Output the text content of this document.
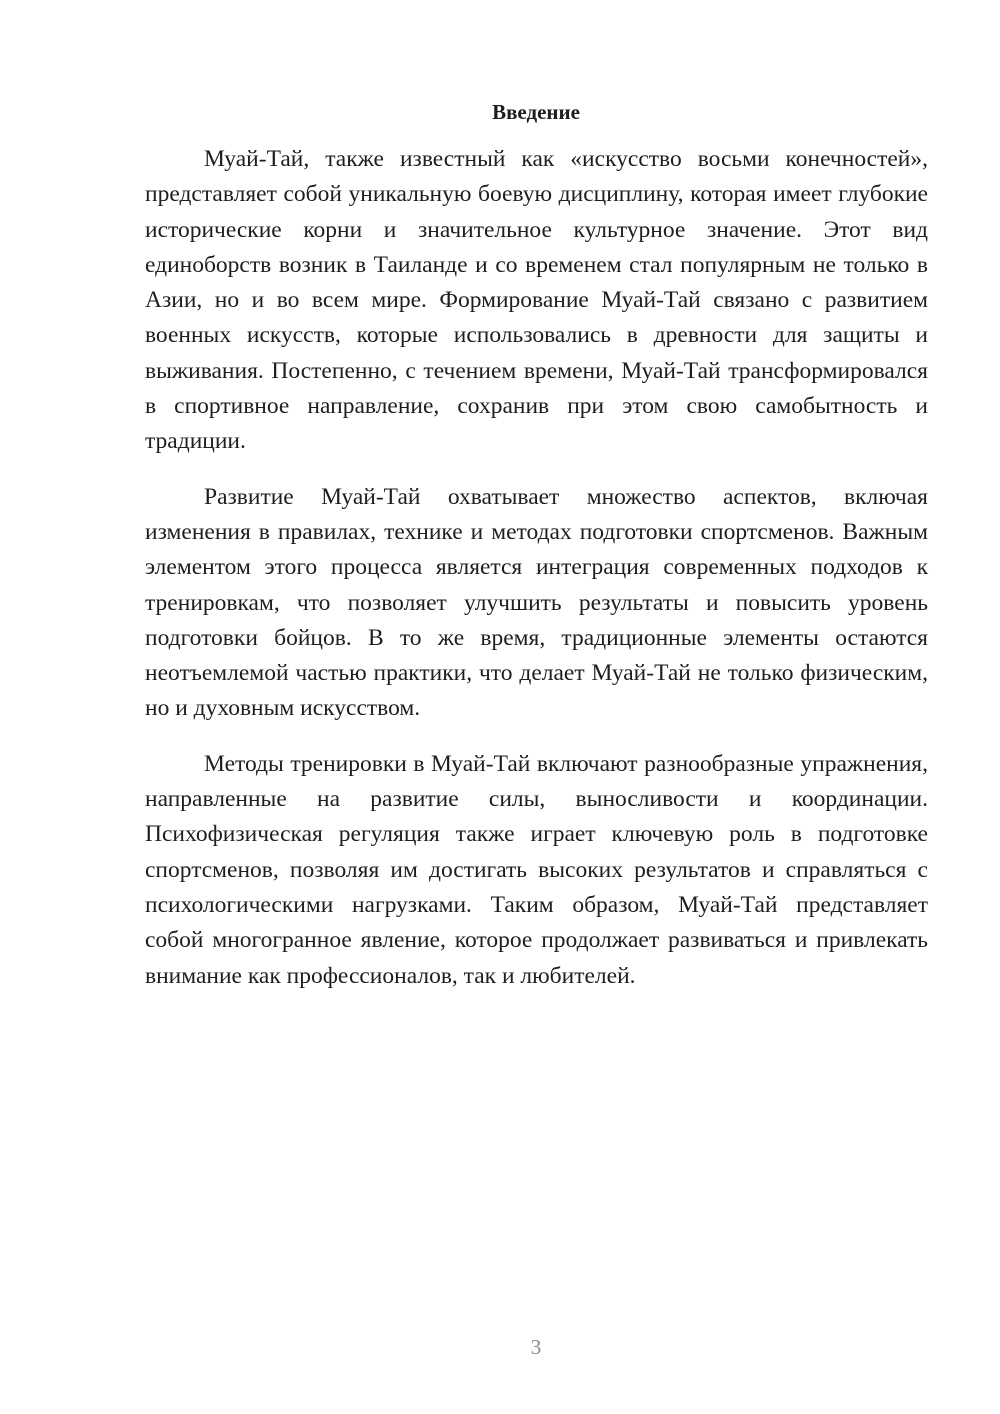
Введение

Муай-Тай, также известный как «искусство восьми конечностей», представляет собой уникальную боевую дисциплину, которая имеет глубокие исторические корни и значительное культурное значение. Этот вид единоборств возник в Таиланде и со временем стал популярным не только в Азии, но и во всем мире. Формирование Муай-Тай связано с развитием военных искусств, которые использовались в древности для защиты и выживания. Постепенно, с течением времени, Муай-Тай трансформировался в спортивное направление, сохранив при этом свою самобытность и традиции.

Развитие Муай-Тай охватывает множество аспектов, включая изменения в правилах, технике и методах подготовки спортсменов. Важным элементом этого процесса является интеграция современных подходов к тренировкам, что позволяет улучшить результаты и повысить уровень подготовки бойцов. В то же время, традиционные элементы остаются неотъемлемой частью практики, что делает Муай-Тай не только физическим, но и духовным искусством.

Методы тренировки в Муай-Тай включают разнообразные упражнения, направленные на развитие силы, выносливости и координации. Психофизическая регуляция также играет ключевую роль в подготовке спортсменов, позволяя им достигать высоких результатов и справляться с психологическими нагрузками. Таким образом, Муай-Тай представляет собой многогранное явление, которое продолжает развиваться и привлекать внимание как профессионалов, так и любителей.

3
